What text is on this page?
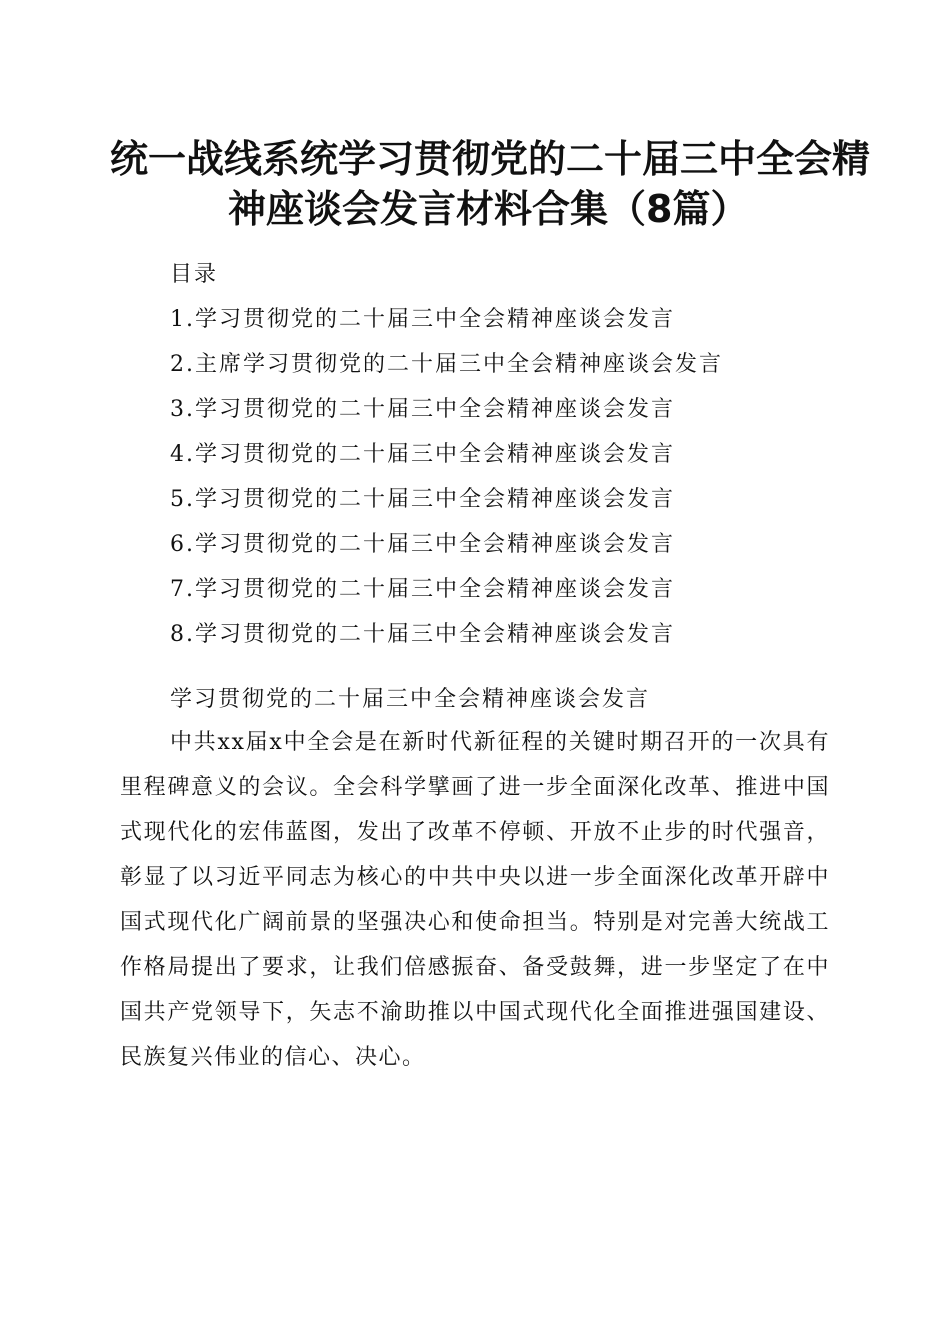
统一战线系统学习贯彻党的二十届三中全会精
神座谈会发言材料合集（8篇）
目录
1.学习贯彻党的二十届三中全会精神座谈会发言
2.主席学习贯彻党的二十届三中全会精神座谈会发言
3.学习贯彻党的二十届三中全会精神座谈会发言
4.学习贯彻党的二十届三中全会精神座谈会发言
5.学习贯彻党的二十届三中全会精神座谈会发言
6.学习贯彻党的二十届三中全会精神座谈会发言
7.学习贯彻党的二十届三中全会精神座谈会发言
8.学习贯彻党的二十届三中全会精神座谈会发言
学习贯彻党的二十届三中全会精神座谈会发言

中共xx届x中全会是在新时代新征程的关键时期召开的一次具有里程碑意义的会议。全会科学擘画了进一步全面深化改革、推进中国式现代化的宏伟蓝图，发出了改革不停顿、开放不止步的时代强音，彰显了以习近平同志为核心的中共中央以进一步全面深化改革开辟中国式现代化广阔前景的坚强决心和使命担当。特别是对完善大统战工作格局提出了要求，让我们倍感振奋、备受鼓舞，进一步坚定了在中国共产党领导下，矢志不渝助推以中国式现代化全面推进强国建设、民族复兴伟业的信心、决心。
